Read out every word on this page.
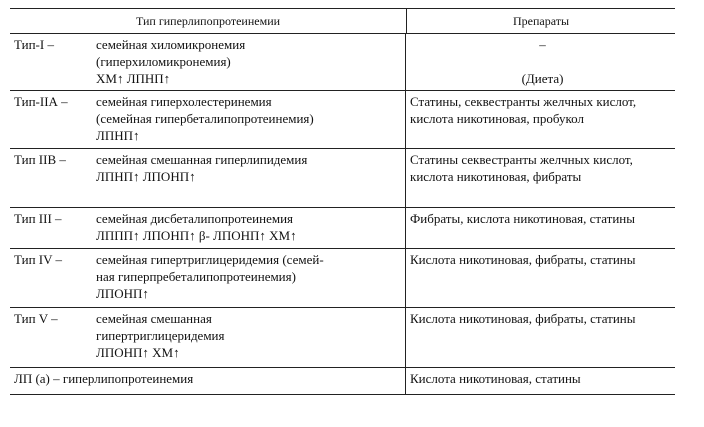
Тип гиперлипопротеинемии	Препараты
Тип-I –	семейная хиломикронемия
(гиперхиломикронемия)
ХМ↑ ЛПНП↑
–
(Диета)
Тип-IIА – семейная гиперхолестеринемия
(семейная гипербеталипопротеинемия)
ЛПНП↑
Статины, секвестранты желчных кислот, кислота никотиновая, пробукол
Тип IIВ – семейная смешанная гиперлипидемия
ЛПНП↑ ЛПОНП↑
Статины секвестранты желчных кислот, кислота никотиновая, фибраты
Тип III –	семейная дисбеталипопротеинемия
ЛППП↑ ЛПОНП↑ β- ЛПОНП↑ ХМ↑
Фибраты, кислота никотиновая, статины
Тип IV –	семейная гипертриглицеридемия (семей-
ная гиперпребеталипопротеинемия)
ЛПОНП↑
Кислота никотиновая, фибраты, статины
Тип V –	семейная смешанная
гипертриглицеридемия
ЛПОНП↑ ХМ↑
Кислота никотиновая, фибраты, статины
ЛП (а) – гиперлипопротеинемия	Кислота никотиновая, статины
